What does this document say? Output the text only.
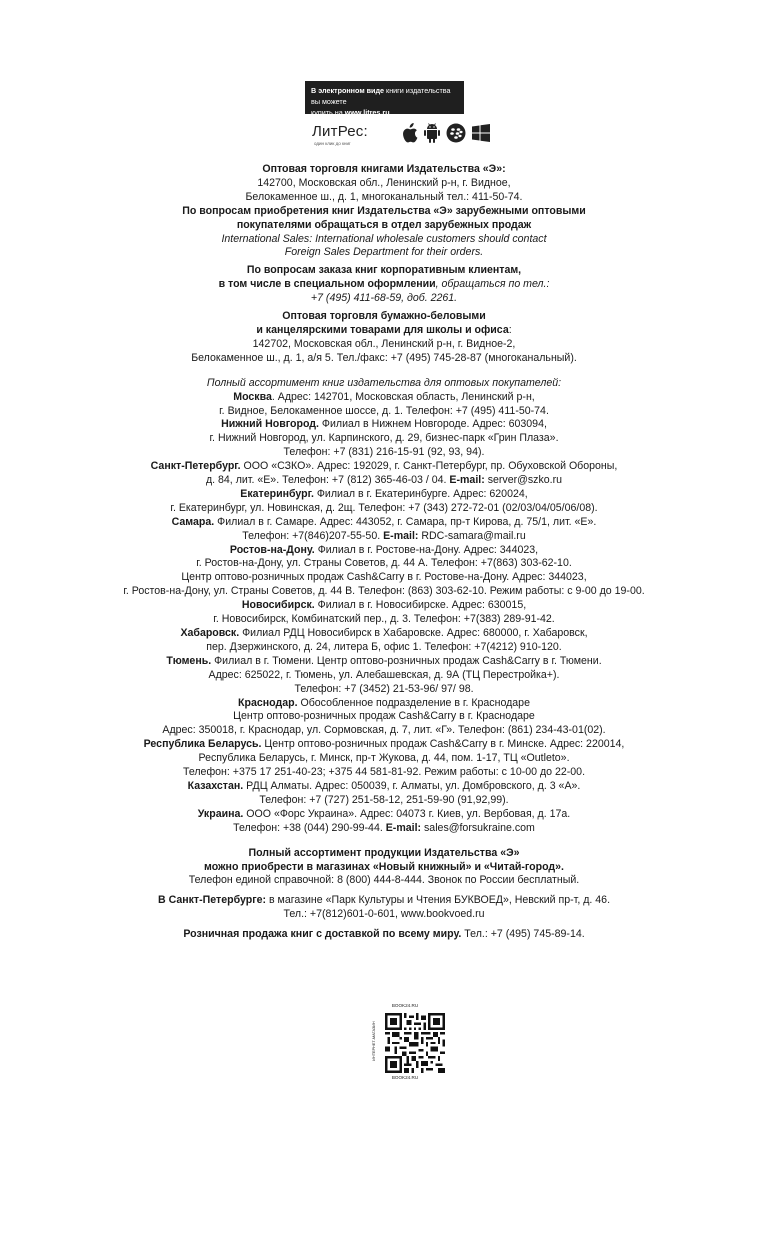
В электронном виде книги издательства вы можете
купить на www.litres.ru
ЛитРес:
один клик до книг

Оптовая торговля книгами Издательства «Э»:

142700, Московская обл., Ленинский р-н, г. Видное,

Белокаменное ш., д. 1, многоканальный тел.: 411-50-74.

По вопросам приобретения книг Издательства «Э» зарубежными оптовыми

покупателями обращаться в отдел зарубежных продаж

International Sales: International wholesale customers should contact

Foreign Sales Department for their orders.

По вопросам заказа книг корпоративным клиентам,

в том числе в специальном оформлении, обращаться по тел.:

+7 (495) 411-68-59, доб. 2261.

Оптовая торговля бумажно-беловыми

и канцелярскими товарами для школы и офиса:

142702, Московская обл., Ленинский р-н, г. Видное-2,

Белокаменное ш., д. 1, а/я 5. Тел./факс: +7 (495) 745-28-87 (многоканальный).

Полный ассортимент книг издательства для оптовых покупателей:

Москва. Адрес: 142701, Московская область, Ленинский р-н,

г. Видное, Белокаменное шоссе, д. 1. Телефон: +7 (495) 411-50-74.

Нижний Новгород. Филиал в Нижнем Новгороде. Адрес: 603094,

г. Нижний Новгород, ул. Карпинского, д. 29, бизнес-парк «Грин Плаза».

Телефон: +7 (831) 216-15-91 (92, 93, 94).

Санкт-Петербург. ООО «СЗКО». Адрес: 192029, г. Санкт-Петербург, пр. Обуховской Обороны,

д. 84, лит. «Е». Телефон: +7 (812) 365-46-03 / 04. E-mail: server@szko.ru

Екатеринбург. Филиал в г. Екатеринбурге. Адрес: 620024,

г. Екатеринбург, ул. Новинская, д. 2щ. Телефон: +7 (343) 272-72-01 (02/03/04/05/06/08).

Самара. Филиал в г. Самаре. Адрес: 443052, г. Самара, пр-т Кирова, д. 75/1, лит. «Е».

Телефон: +7(846)207-55-50. E-mail: RDC-samara@mail.ru

Ростов-на-Дону. Филиал в г. Ростове-на-Дону. Адрес: 344023,

г. Ростов-на-Дону, ул. Страны Советов, д. 44 А. Телефон: +7(863) 303-62-10.

Центр оптово-розничных продаж Cash&Carry в г. Ростове-на-Дону. Адрес: 344023,

г. Ростов-на-Дону, ул. Страны Советов, д. 44 В. Телефон: (863) 303-62-10. Режим работы: с 9-00 до 19-00.

Новосибирск. Филиал в г. Новосибирске. Адрес: 630015,

г. Новосибирск, Комбинатский пер., д. 3. Телефон: +7(383) 289-91-42.

Хабаровск. Филиал РДЦ Новосибирск в Хабаровске. Адрес: 680000, г. Хабаровск,

пер. Дзержинского, д. 24, литера Б, офис 1. Телефон: +7(4212) 910-120.

Тюмень. Филиал в г. Тюмени. Центр оптово-розничных продаж Cash&Carry в г. Тюмени.

Адрес: 625022, г. Тюмень, ул. Алебашевская, д. 9А (ТЦ Перестройка+).

Телефон: +7 (3452) 21-53-96/ 97/ 98.

Краснодар. Обособленное подразделение в г. Краснодаре

Центр оптово-розничных продаж Cash&Carry в г. Краснодаре

Адрес: 350018, г. Краснодар, ул. Сормовская, д. 7, лит. «Г». Телефон: (861) 234-43-01(02).

Республика Беларусь. Центр оптово-розничных продаж Cash&Carry в г. Минске. Адрес: 220014,

Республика Беларусь, г. Минск, пр-т Жукова, д. 44, пом. 1-17, ТЦ «Outleto».

Телефон: +375 17 251-40-23; +375 44 581-81-92. Режим работы: с 10-00 до 22-00.

Казахстан. РДЦ Алматы. Адрес: 050039, г. Алматы, ул. Домбровского, д. 3 «А».

Телефон: +7 (727) 251-58-12, 251-59-90 (91,92,99).

Украина. ООО «Форс Украина». Адрес: 04073 г. Киев, ул. Вербовая, д. 17а.

Телефон: +38 (044) 290-99-44. E-mail: sales@forsukraine.com

Полный ассортимент продукции Издательства «Э»

можно приобрести в магазинах «Новый книжный» и «Читай-город».

Телефон единой справочной: 8 (800) 444-8-444. Звонок по России бесплатный.

В Санкт-Петербурге: в магазине «Парк Культуры и Чтения БУКВОЕД», Невский пр-т, д. 46.

Тел.: +7(812)601-0-601, www.bookvoed.ru

Розничная продажа книг с доставкой по всему миру. Тел.: +7 (495) 745-89-14.

BOOK24.RU
ИНТЕРНЕТ-МАГАЗИН
BOOK24.RU
